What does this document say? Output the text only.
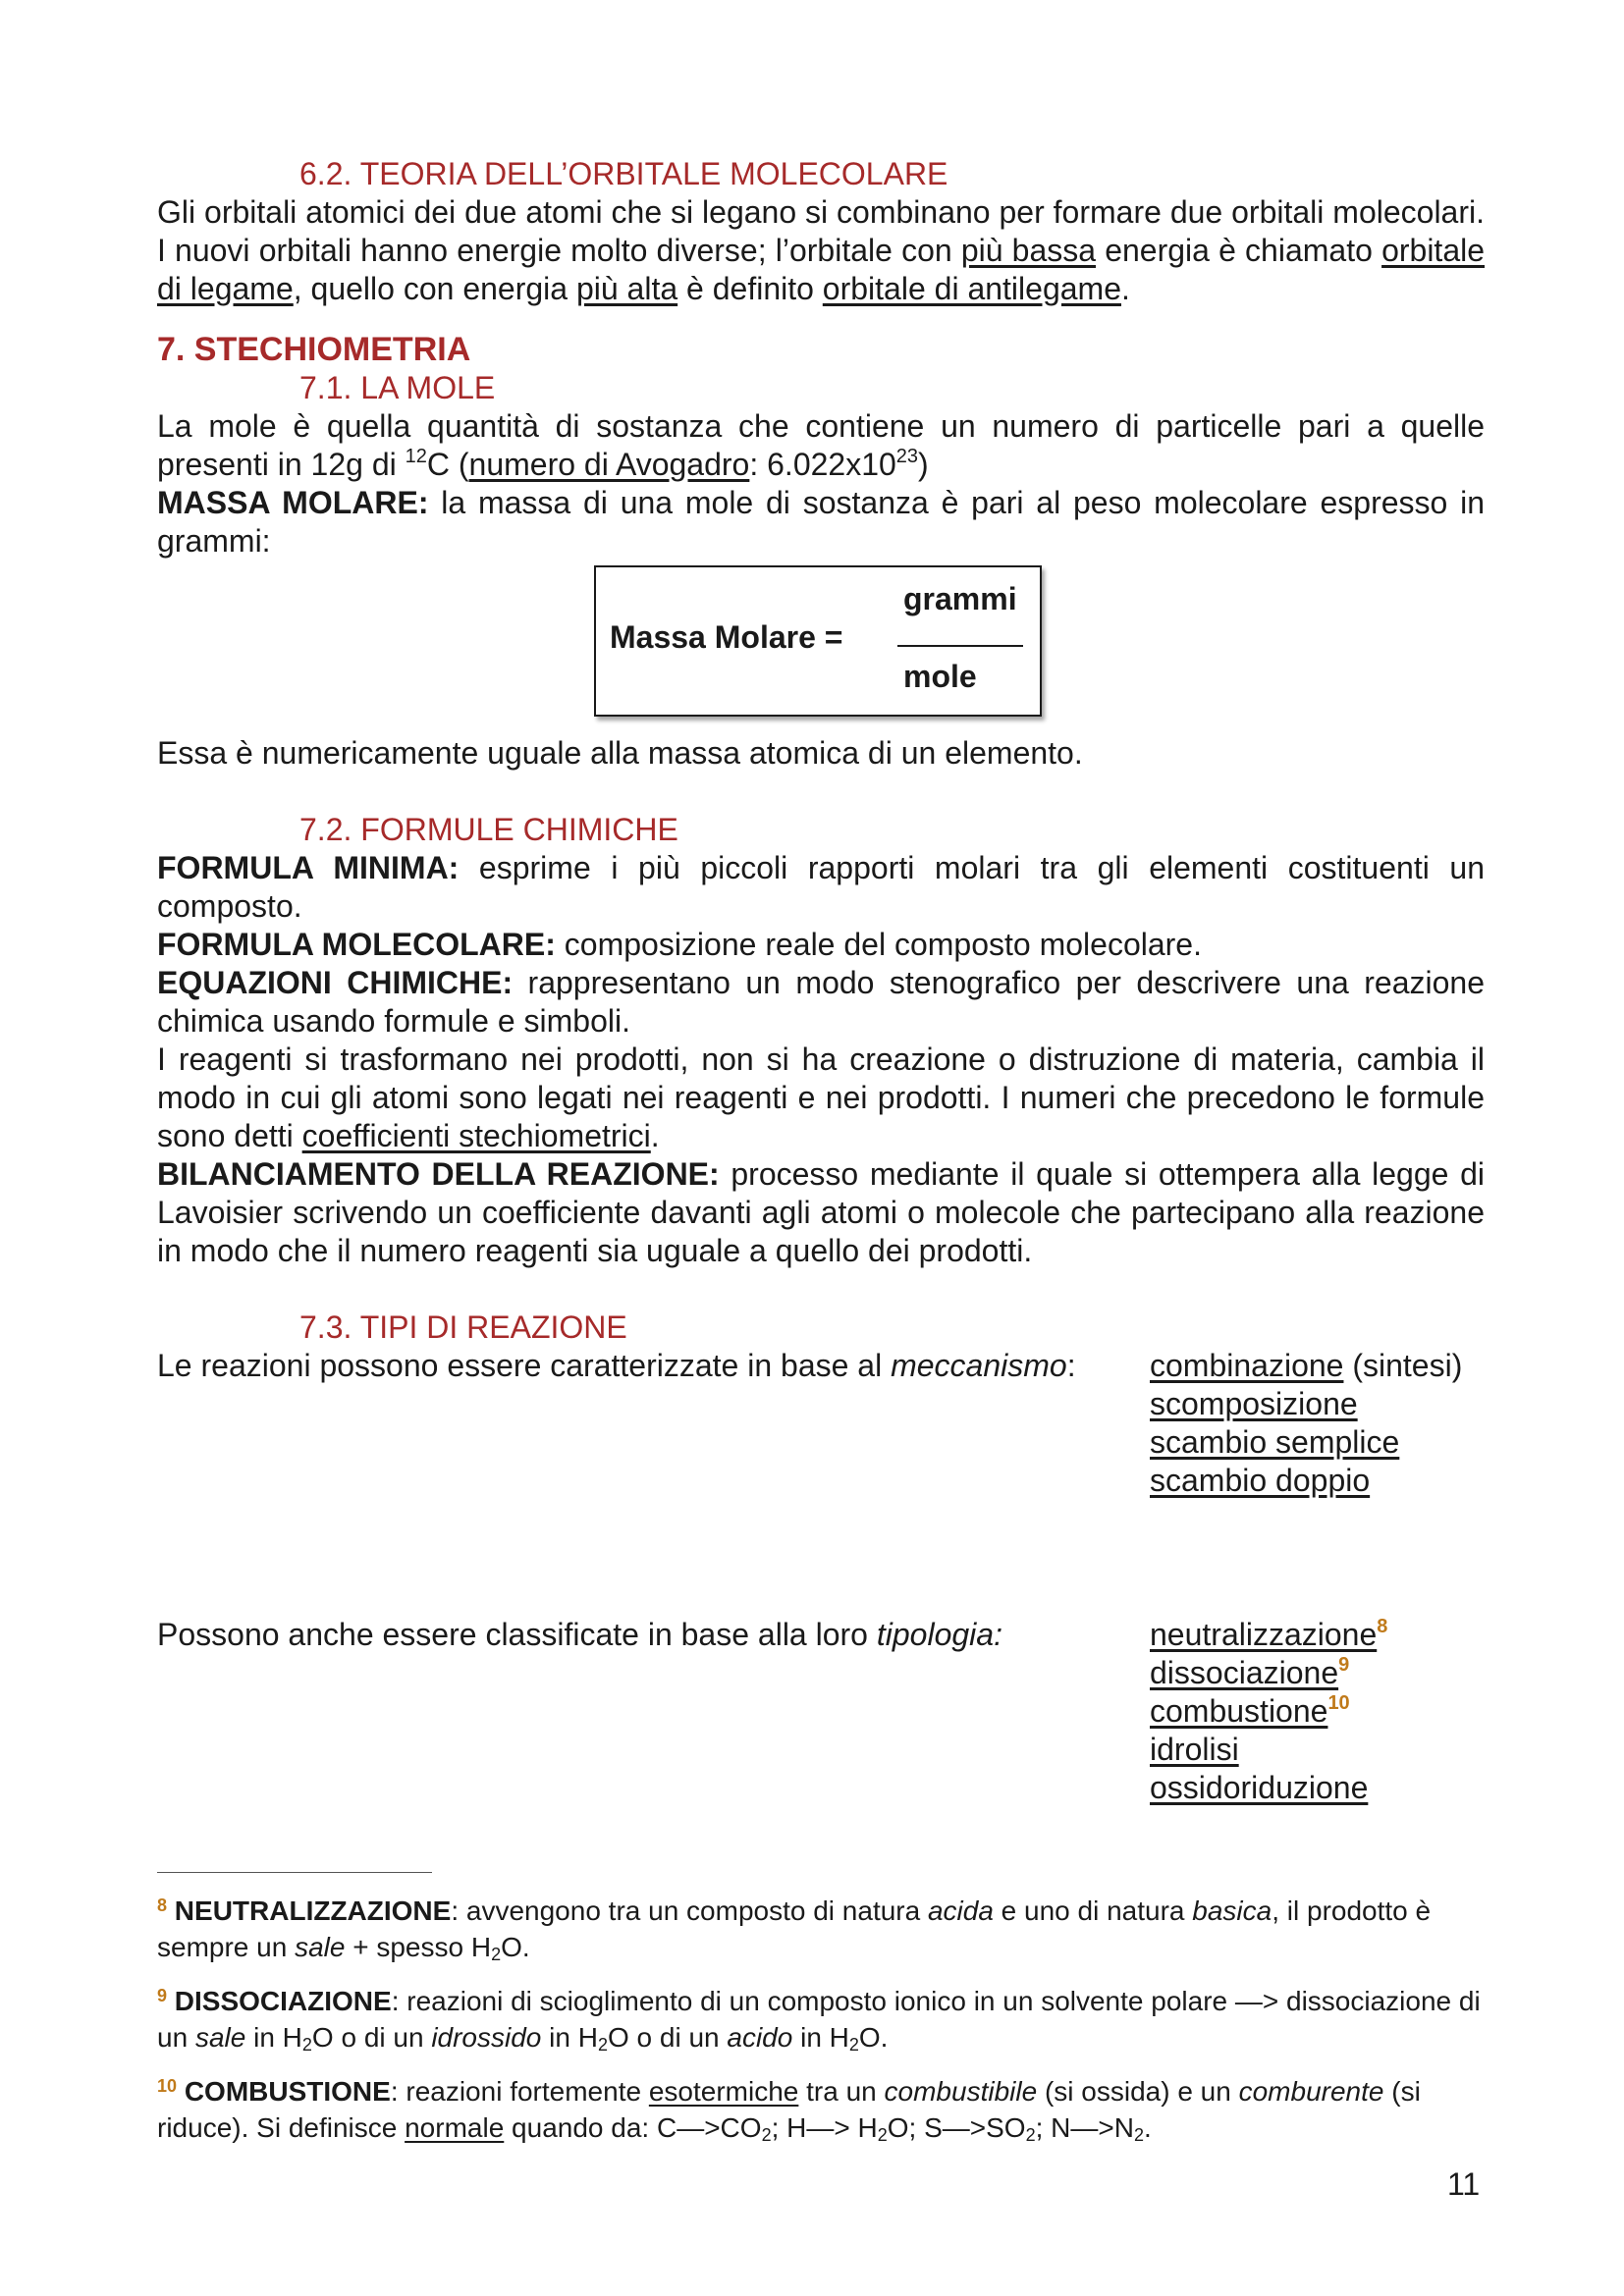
6.2. TEORIA DELL’ORBITALE MOLECOLARE

Gli orbitali atomici dei due atomi che si legano si combinano per formare due orbitali molecolari. I nuovi orbitali hanno energie molto diverse; l’orbitale con più bassa energia è chiamato orbitale di legame, quello con energia più alta è definito orbitale di antilegame.

7. STECHIOMETRIA
7.1. LA MOLE

La mole è quella quantità di sostanza che contiene un numero di particelle pari a quelle presenti in 12g di $^{12}$C (numero di Avogadro: $6.022x10^{23}$)

MASSA MOLARE: la massa di una mole di sostanza è pari al peso molecolare espresso in grammi:

Massa Molare =
grammi
mole

Essa è numericamente uguale alla massa atomica di un elemento.

7.2. FORMULE CHIMICHE

FORMULA MINIMA: esprime i più piccoli rapporti molari tra gli elementi costituenti un composto.

FORMULA MOLECOLARE: composizione reale del composto molecolare.

EQUAZIONI CHIMICHE: rappresentano un modo stenografico per descrivere una reazione chimica usando formule e simboli.

I reagenti si trasformano nei prodotti, non si ha creazione o distruzione di materia, cambia il modo in cui gli atomi sono legati nei reagenti e nei prodotti. I numeri che precedono le formule sono detti coefficienti stechiometrici.

BILANCIAMENTO DELLA REAZIONE: processo mediante il quale si ottempera alla legge di Lavoisier scrivendo un coefficiente davanti agli atomi o molecole che partecipano alla reazione in modo che il numero reagenti sia uguale a quello dei prodotti.

7.3. TIPI DI REAZIONE
Le reazioni possono essere caratterizzate in base al meccanismo: combinazione (sintesi)
scomposizione
scambio semplice
scambio doppio
Possono anche essere classificate in base alla loro tipologia:	neutralizzazione$^8$
dissociazione$^9$
combustione$^{10}$
idrolisi
ossidoriduzione
$^8$ NEUTRALIZZAZIONE: avvengono tra un composto di natura acida e uno di natura basica, il prodotto è sempre un sale + spesso $H_2O$.
$^9$ DISSOCIAZIONE: reazioni di scioglimento di un composto ionico in un solvente polare —> dissociazione di un sale in $H_2O$ o di un idrossido in $H_2O$ o di un acido in $H_2O$.
$^{10}$ COMBUSTIONE: reazioni fortemente esotermiche tra un combustibile (si ossida) e un comburente (si riduce). Si definisce normale quando da: $C—>CO_2$; H—> $H_2O$; $S—>SO_2$; $N—>N_2$.
11
